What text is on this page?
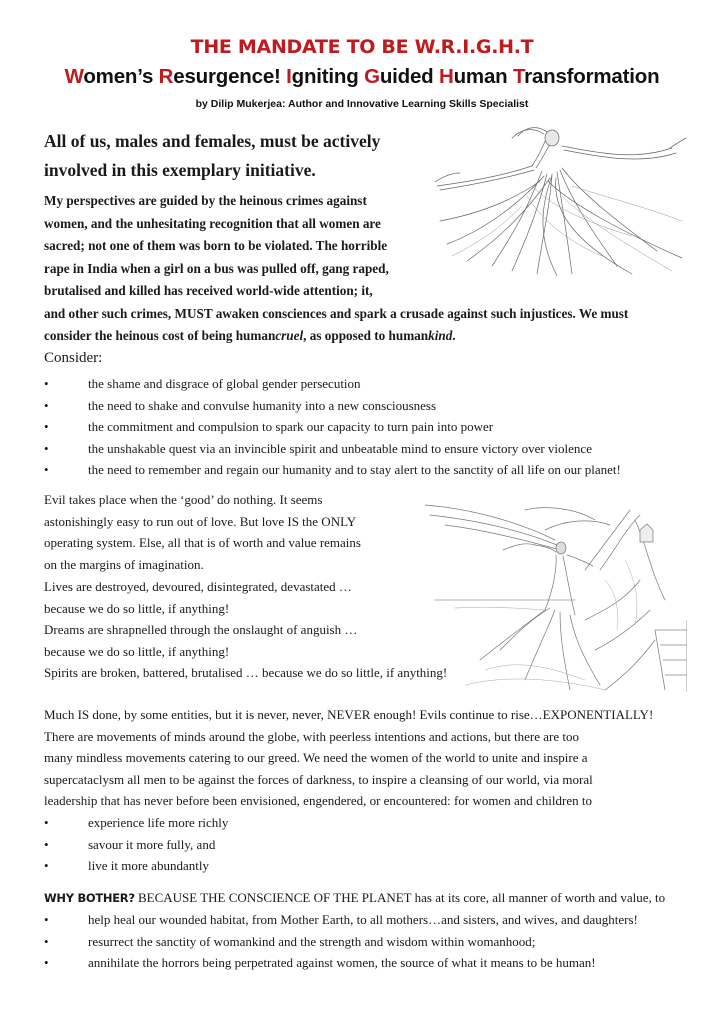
THE MANDATE TO BE W.R.I.G.H.T
Women’s Resurgence! Igniting Guided Human Transformation
by Dilip Mukerjea: Author and Innovative Learning Skills Specialist
All of us, males and females, must be actively
involved in this exemplary initiative.
My perspectives are guided by the heinous crimes against
women, and the unhesitating recognition that all women are
sacred; not one of them was born to be violated. The horrible
rape in India when a girl on a bus was pulled off, gang raped,
brutalised and killed has received world-wide attention; it,
and other such crimes, MUST awaken consciences and spark a crusade against such injustices. We must
consider the heinous cost of being humancruel, as opposed to humankind.
Consider:
• the shame and disgrace of global gender persecution
• the need to shake and convulse humanity into a new consciousness
• the commitment and compulsion to spark our capacity to turn pain into power
• the unshakable quest via an invincible spirit and unbeatable mind to ensure victory over violence
• the need to remember and regain our humanity and to stay alert to the sanctity of all life on our planet!
Evil takes place when the ‘good’ do nothing. It seems
astonishingly easy to run out of love. But love IS the ONLY
operating system. Else, all that is of worth and value remains
on the margins of imagination.
Lives are destroyed, devoured, disintegrated, devastated …
because we do so little, if anything!
Dreams are shrapnelled through the onslaught of anguish …
because we do so little, if anything!
Spirits are broken, battered, brutalised … because we do so little, if anything!
Much IS done, by some entities, but it is never, never, NEVER enough! Evils continue to rise…EXPONENTIALLY!
There are movements of minds around the globe, with peerless intentions and actions, but there are too
many mindless movements catering to our greed. We need the women of the world to unite and inspire a
supercataclysm all men to be against the forces of darkness, to inspire a cleansing of our world, via moral
leadership that has never before been envisioned, engendered, or encountered: for women and children to
• experience life more richly
• savour it more fully, and
• live it more abundantly
WHY BOTHER? BECAUSE THE CONSCIENCE OF THE PLANET has at its core, all manner of worth and value, to
• help heal our wounded habitat, from Mother Earth, to all mothers…and sisters, and wives, and daughters!
• resurrect the sanctity of womankind and the strength and wisdom within womanhood;
• annihilate the horrors being perpetrated against women, the source of what it means to be human!
